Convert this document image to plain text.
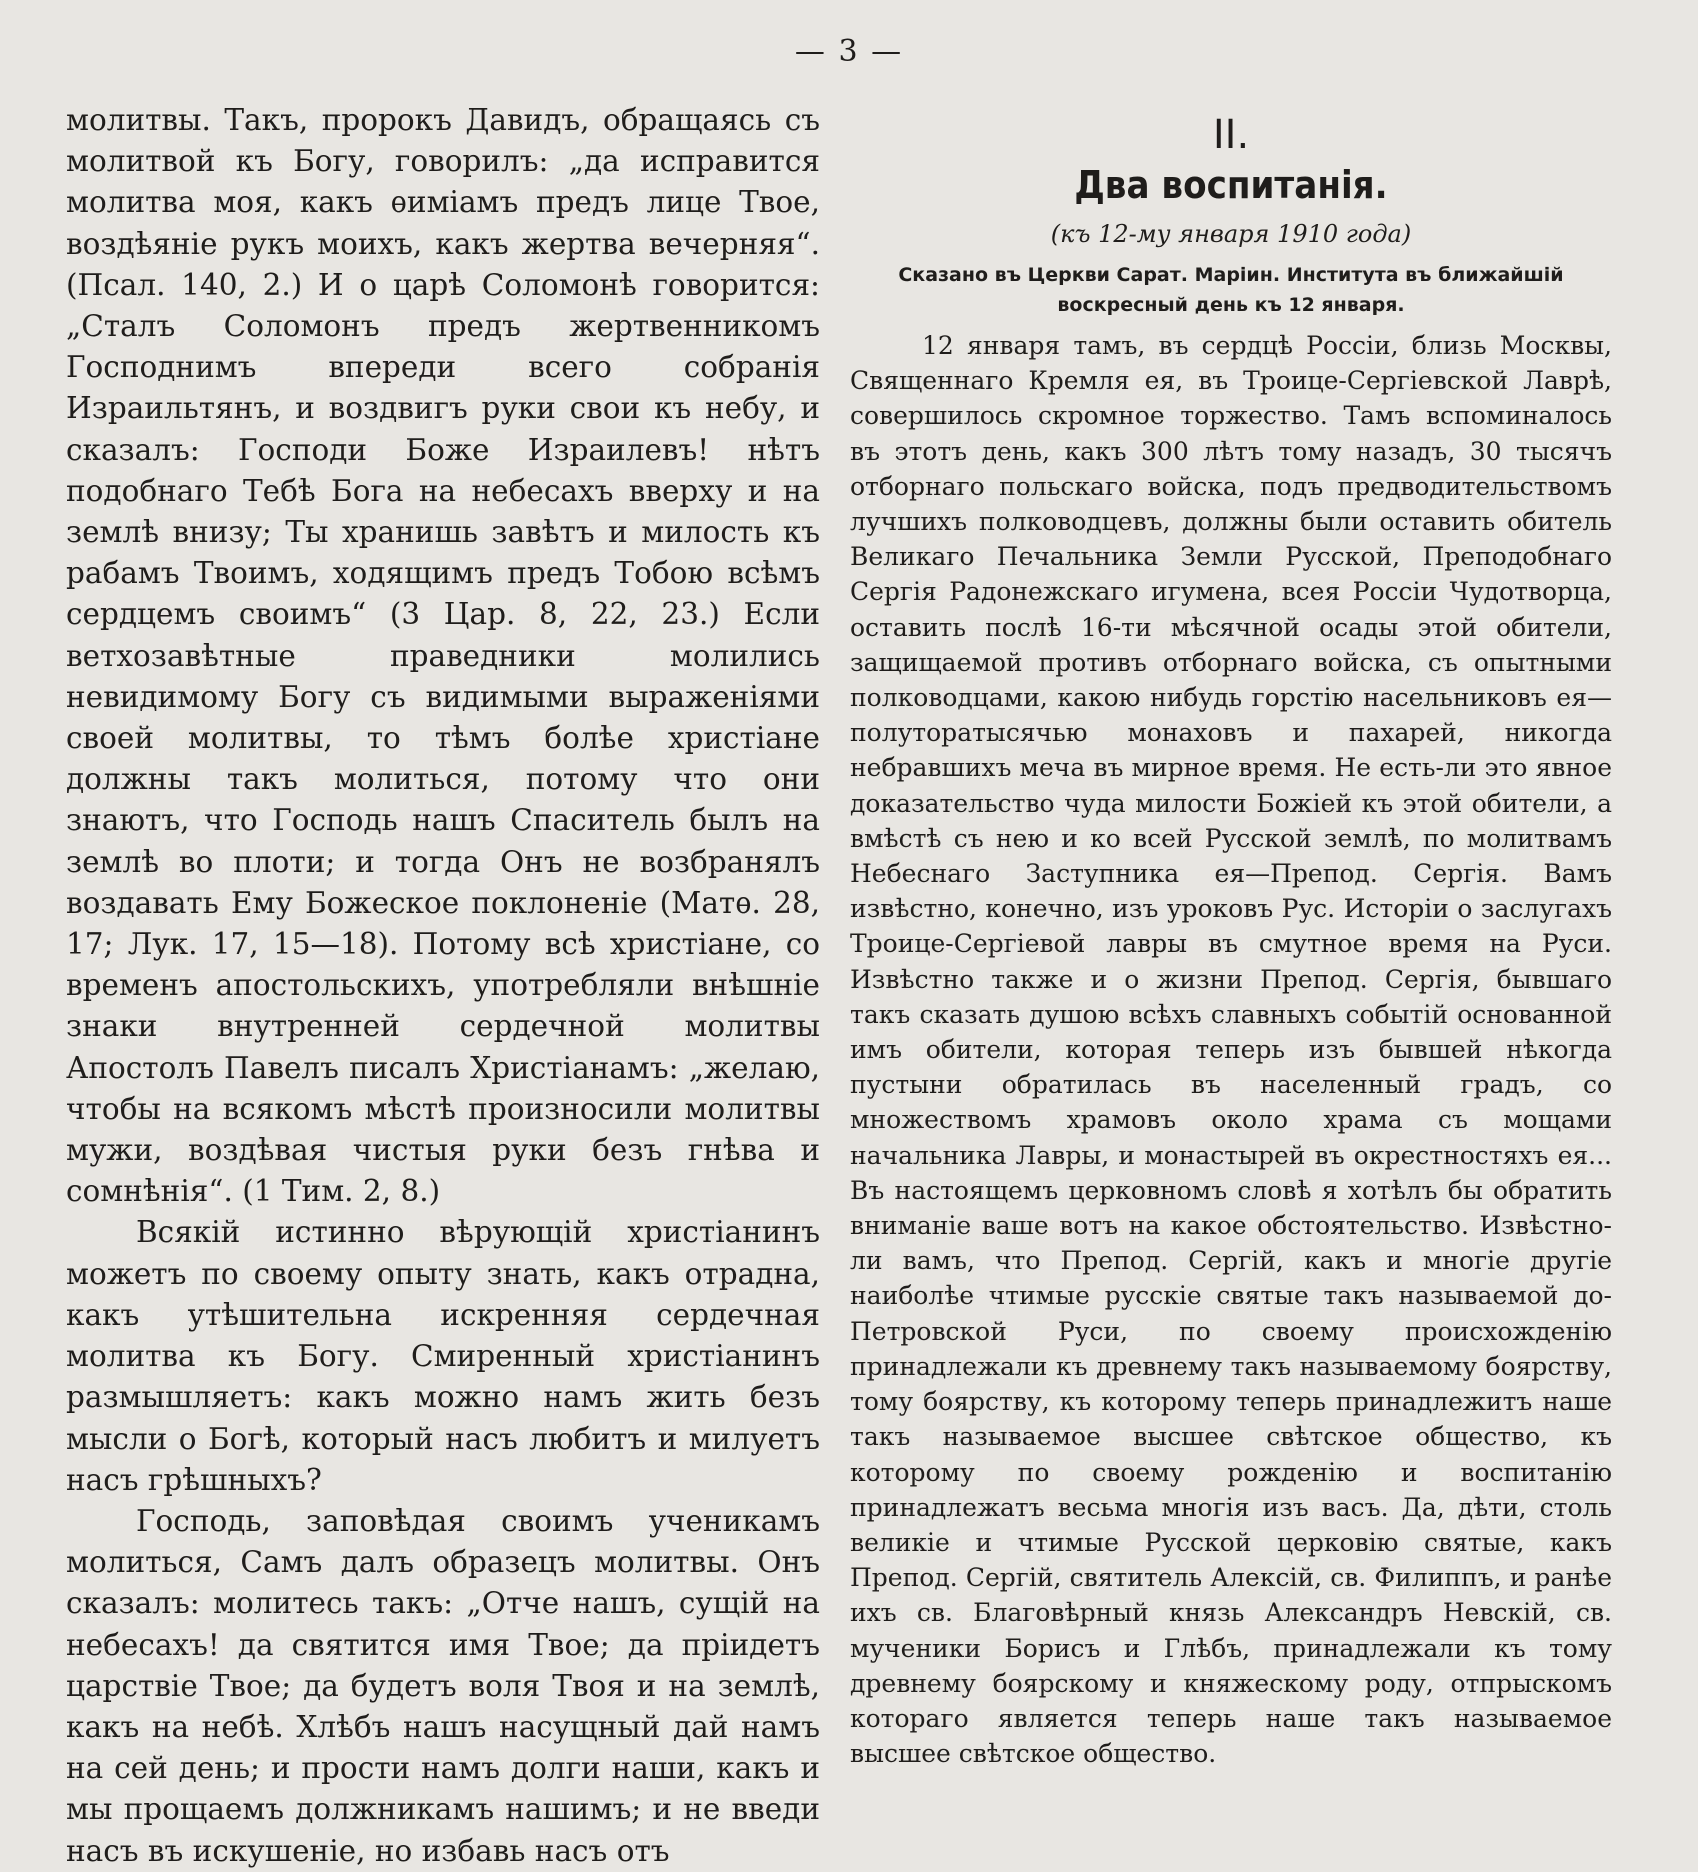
— 3 —

молитвы. Такъ, пророкъ Давидъ, обращаясь съ молитвой къ Богу, говорилъ: „да исправится молитва моя, какъ ѳиміамъ предъ лице Твое, воздѣяніе рукъ моихъ, какъ жертва вечерняя“. (Псал. 140, 2.) И о царѣ Соломонѣ говорится: „Сталъ Соломонъ предъ жертвенникомъ Господнимъ впереди всего собранія Израильтянъ, и воздвигъ руки свои къ небу, и сказалъ: Господи Боже Израилевъ! нѣтъ подобнаго Тебѣ Бога на небесахъ вверху и на землѣ внизу; Ты хранишь завѣтъ и милость къ рабамъ Твоимъ, ходящимъ предъ Тобою всѣмъ сердцемъ своимъ“ (3 Цар. 8, 22, 23.) Если ветхозавѣтные праведники молились невидимому Богу съ видимыми выраженіями своей молитвы, то тѣмъ болѣе христіане должны такъ молиться, потому что они знаютъ, что Господь нашъ Спаситель былъ на землѣ во плоти; и тогда Онъ не возбранялъ воздавать Ему Божеское поклоненіе (Матѳ. 28, 17; Лук. 17, 15—18). Потому всѣ христіане, со временъ апостольскихъ, употребляли внѣшніе знаки внутренней сердечной молитвы Апостолъ Павелъ писалъ Христіанамъ: „желаю, чтобы на всякомъ мѣстѣ произносили молитвы мужи, воздѣвая чистыя руки безъ гнѣва и сомнѣнія“. (1 Тим. 2, 8.)

Всякій истинно вѣрующій христіанинъ можетъ по своему опыту знать, какъ отрадна, какъ утѣшительна искренняя сердечная молитва къ Богу. Смиренный христіанинъ размышляетъ: какъ можно намъ жить безъ мысли о Богѣ, который насъ любитъ и милуетъ насъ грѣшныхъ?

Господь, заповѣдая своимъ ученикамъ молиться, Самъ далъ образецъ молитвы. Онъ сказалъ: молитесь такъ: „Отче нашъ, сущій на небесахъ! да святится имя Твое; да пріидетъ царствіе Твое; да будетъ воля Твоя и на землѣ, какъ на небѣ. Хлѣбъ нашъ насущный дай намъ на сей день; и прости намъ долги наши, какъ и мы прощаемъ должникамъ нашимъ; и не введи насъ въ искушеніе, но избавь насъ отъ

II.
Два воспитанія.
(къ 12-му января 1910 года)
Сказано въ Церкви Сарат. Маріин. Института въ ближайшій воскресный день къ 12 января.

12 января тамъ, въ сердцѣ Россіи, близь Москвы, Священнаго Кремля ея, въ Троице-Сергіевской Лаврѣ, совершилось скромное торжество. Тамъ вспоминалось въ этотъ день, какъ 300 лѣтъ тому назадъ, 30 тысячъ отборнаго польскаго войска, подъ предводительствомъ лучшихъ полководцевъ, должны были оставить обитель Великаго Печальника Земли Русской, Преподобнаго Сергія Радонежскаго игумена, всея Россіи Чудотворца, оставить послѣ 16-ти мѣсячной осады этой обители, защищаемой противъ отборнаго войска, съ опытными полководцами, какою нибудь горстію насельниковъ ея—полуторатысячью монаховъ и пахарей, никогда небравшихъ меча въ мирное время. Не есть-ли это явное доказательство чуда милости Божіей къ этой обители, а вмѣстѣ съ нею и ко всей Русской землѣ, по молитвамъ Небеснаго Заступника ея—Препод. Сергія. Вамъ извѣстно, конечно, изъ уроковъ Рус. Исторіи о заслугахъ Троице-Сергіевой лавры въ смутное время на Руси. Извѣстно также и о жизни Препод. Сергія, бывшаго такъ сказать душою всѣхъ славныхъ событій основанной имъ обители, которая теперь изъ бывшей нѣкогда пустыни обратилась въ населенный градъ, со множествомъ храмовъ около храма съ мощами начальника Лавры, и монастырей въ окрестностяхъ ея... Въ настоящемъ церковномъ словѣ я хотѣлъ бы обратить вниманіе ваше вотъ на какое обстоятельство. Извѣстно-ли вамъ, что Препод. Сергій, какъ и многіе другіе наиболѣе чтимые русскіе святые такъ называемой до-Петровской Руси, по своему происхожденію принадлежали къ древнему такъ называемому боярству, тому боярству, къ которому теперь принадлежитъ наше такъ называемое высшее свѣтское общество, къ которому по своему рожденію и воспитанію принадлежатъ весьма многія изъ васъ. Да, дѣти, столь великіе и чтимые Русской церковію святые, какъ Препод. Сергій, святитель Алексій, св. Филиппъ, и ранѣе ихъ св. Благовѣрный князь Александръ Невскій, св. мученики Борисъ и Глѣбъ, принадлежали къ тому древнему боярскому и княжескому роду, отпрыскомъ котораго является теперь наше такъ называемое высшее свѣтское общество.
